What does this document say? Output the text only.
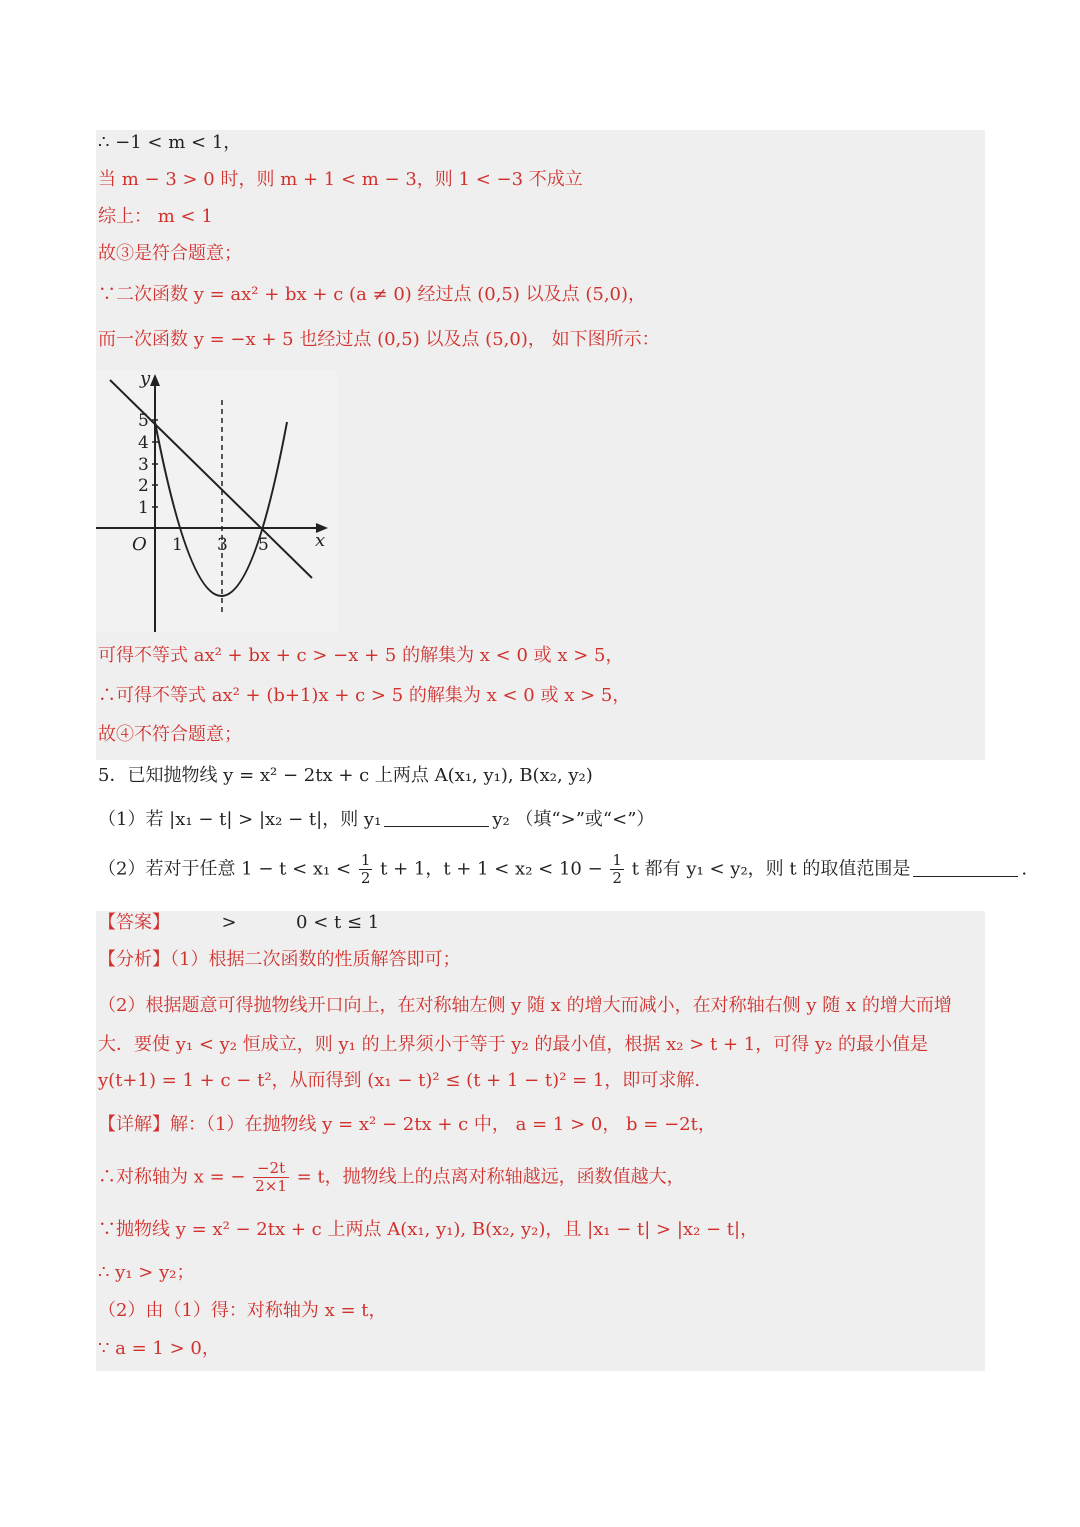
∴ −1 < m < 1，
当 m − 3 > 0 时，则 m + 1 < m − 3，则 1 < −3 不成立
综上： m < 1
故③是符合题意；
∵二次函数 y = ax² + bx + c (a ≠ 0) 经过点 (0,5) 以及点 (5,0)，
而一次函数 y = −x + 5 也经过点 (0,5) 以及点 (5,0)， 如下图所示：
y
x
O
1
2
3
4
5
1 3 5
可得不等式 ax² + bx + c > −x + 5 的解集为 x < 0 或 x > 5，
∴可得不等式 ax² + (b+1)x + c > 5 的解集为 x < 0 或 x > 5，
故④不符合题意；
5．已知抛物线 y = x² − 2tx + c 上两点 A(x₁, y₁), B(x₂, y₂)
（1）若 |x₁ − t| > |x₂ − t|，则 y₁	y₂ （填“>”或“<”）
（2）若对于任意 $1 - t < x_1 < \frac{1}{2}$ t + 1，$t + 1 < x_2 < 10 - \frac{1}{2}$ t 都有 y₁ < y₂，则 t 的取值范围是	.
【答案】	>	0 < t ≤ 1
【分析】（1）根据二次函数的性质解答即可；
（2）根据题意可得抛物线开口向上，在对称轴左侧 y 随 x 的增大而减小，在对称轴右侧 y 随 x 的增大而增大．要使 y₁ < y₂ 恒成立，则 y₁ 的上界须小于等于 y₂ 的最小值，根据 x₂ > t + 1，可得 y₂ 的最小值是
y(t+1) = 1 + c − t²，从而得到 (x₁ − t)² ≤ (t + 1 − t)² = 1，即可求解.
【详解】解：（1）在抛物线 y = x² − 2tx + c 中， a = 1 > 0， b = −2t，
∴对称轴为 x = − $\frac{-2t}{2\times 1} = t$，抛物线上的点离对称轴越远，函数值越大，
∵抛物线 y = x² − 2tx + c 上两点 A(x₁, y₁), B(x₂, y₂)，且 |x₁ − t| > |x₂ − t|，
∴ y₁ > y₂；
（2）由（1）得：对称轴为 x = t，
∵ a = 1 > 0，
